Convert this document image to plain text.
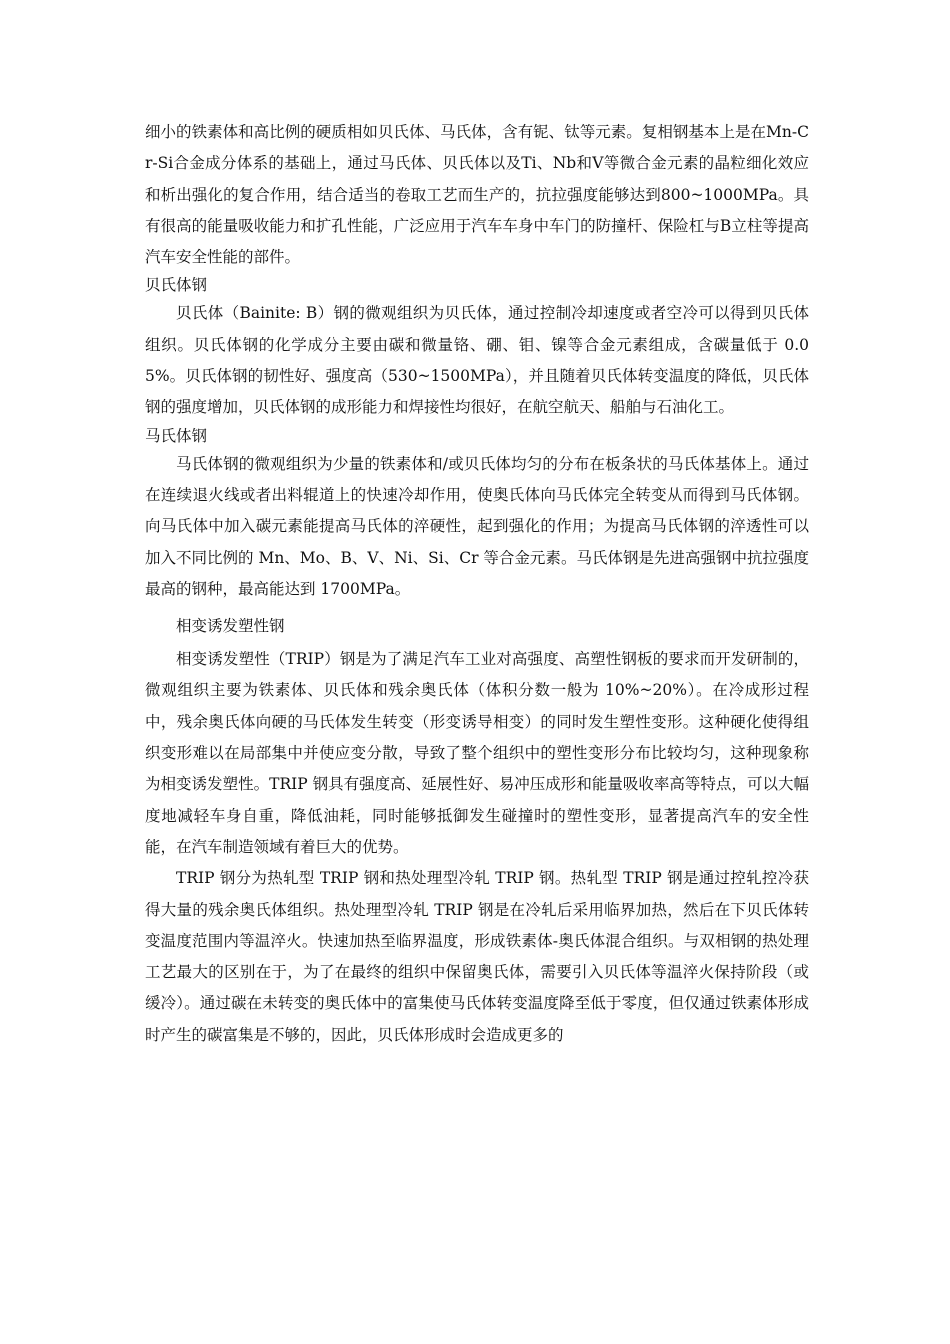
细小的铁素体和高比例的硬质相如贝氏体、马氏体，含有铌、钛等元素。复相钢基本上是在Mn-Cr-Si合金成分体系的基础上，通过马氏体、贝氏体以及Ti、Nb和V等微合金元素的晶粒细化效应和析出强化的复合作用，结合适当的卷取工艺而生产的，抗拉强度能够达到800~1000MPa。具有很高的能量吸收能力和扩孔性能，广泛应用于汽车车身中车门的防撞杆、保险杠与B立柱等提高汽车安全性能的部件。

贝氏体钢

贝氏体（Bainite: B）钢的微观组织为贝氏体，通过控制冷却速度或者空冷可以得到贝氏体组织。贝氏体钢的化学成分主要由碳和微量铬、硼、钼、镍等合金元素组成，含碳量低于 0.05%。贝氏体钢的韧性好、强度高（530~1500MPa），并且随着贝氏体转变温度的降低，贝氏体钢的强度增加，贝氏体钢的成形能力和焊接性均很好，在航空航天、船舶与石油化工。

马氏体钢

马氏体钢的微观组织为少量的铁素体和/或贝氏体均匀的分布在板条状的马氏体基体上。通过在连续退火线或者出料辊道上的快速冷却作用，使奥氏体向马氏体完全转变从而得到马氏体钢。向马氏体中加入碳元素能提高马氏体的淬硬性，起到强化的作用；为提高马氏体钢的淬透性可以加入不同比例的 Mn、Mo、B、V、Ni、Si、Cr 等合金元素。马氏体钢是先进高强钢中抗拉强度最高的钢种，最高能达到 1700MPa。

相变诱发塑性钢

相变诱发塑性（TRIP）钢是为了满足汽车工业对高强度、高塑性钢板的要求而开发研制的，微观组织主要为铁素体、贝氏体和残余奥氏体（体积分数一般为 10%~20%）。在冷成形过程中，残余奥氏体向硬的马氏体发生转变（形变诱导相变）的同时发生塑性变形。这种硬化使得组织变形难以在局部集中并使应变分散，导致了整个组织中的塑性变形分布比较均匀，这种现象称为相变诱发塑性。TRIP 钢具有强度高、延展性好、易冲压成形和能量吸收率高等特点，可以大幅度地减轻车身自重，降低油耗，同时能够抵御发生碰撞时的塑性变形，显著提高汽车的安全性能，在汽车制造领域有着巨大的优势。

TRIP 钢分为热轧型 TRIP 钢和热处理型冷轧 TRIP 钢。热轧型 TRIP 钢是通过控轧控冷获得大量的残余奥氏体组织。热处理型冷轧 TRIP 钢是在冷轧后采用临界加热，然后在下贝氏体转变温度范围内等温淬火。快速加热至临界温度，形成铁素体-奥氏体混合组织。与双相钢的热处理工艺最大的区别在于，为了在最终的组织中保留奥氏体，需要引入贝氏体等温淬火保持阶段（或缓冷）。通过碳在未转变的奥氏体中的富集使马氏体转变温度降至低于零度，但仅通过铁素体形成时产生的碳富集是不够的，因此，贝氏体形成时会造成更多的
